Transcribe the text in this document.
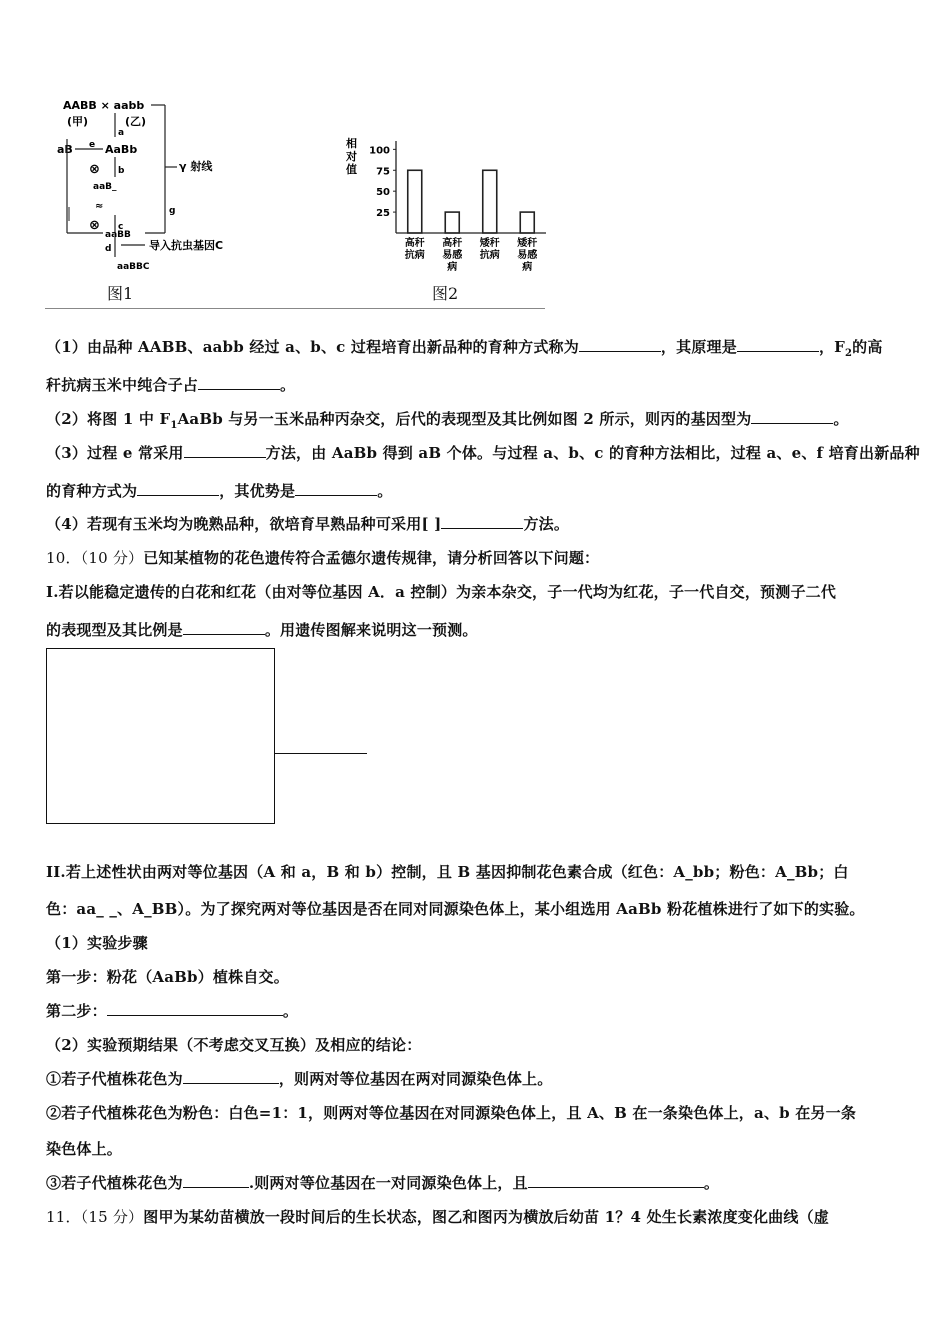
AABB × aabb
(甲)	(乙)
a
e
aB	AaBb
⊗ b
aaB_
≈
⊗ c
aaBB
g
γ 射线
d	导入抗虫基因C
aaBBC
相
对
值
25
50
75
100
高秆
抗病
高秆
易感
病
矮秆
抗病
矮秆
易感
病
图1	图2
（1）由品种 AABB、aabb 经过 a、b、c 过程培育出新品种的育种方式称为	，其原理是	，$F_2$的高
秆抗病玉米中纯合子占	。
（2）将图 1 中 $F_1AaBb$ 与另一玉米品种丙杂交，后代的表现型及其比例如图 2 所示，则丙的基因型为	。
（3）过程 e 常采用	方法，由 AaBb 得到 aB 个体。与过程 a、b、c 的育种方法相比，过程 a、e、f 培育出新品种
的育种方式为	，其优势是	。
（4）若现有玉米均为晚熟品种，欲培育早熟品种可采用[ ]	方法。
10．（10 分）已知某植物的花色遗传符合孟德尔遗传规律，请分析回答以下问题：
I.若以能稳定遗传的白花和红花（由对等位基因 A．a 控制）为亲本杂交，子一代均为红花，子一代自交，预测子二代
的表现型及其比例是	。用遗传图解来说明这一预测。
II.若上述性状由两对等位基因（A 和 a，B 和 b）控制，且 B 基因抑制花色素合成（红色：A_bb；粉色：A_Bb；白
色：aa_ _、A_BB）。为了探究两对等位基因是否在同对同源染色体上，某小组选用 AaBb 粉花植株进行了如下的实验。
（1）实验步骤
第一步：粉花（AaBb）植株自交。
第二步：	。
（2）实验预期结果（不考虑交叉互换）及相应的结论：
①若子代植株花色为	，则两对等位基因在两对同源染色体上。
②若子代植株花色为粉色：白色=1：1，则两对等位基因在对同源染色体上，且 A、B 在一条染色体上，a、b 在另一条
染色体上。
③若子代植株花色为	.则两对等位基因在一对同源染色体上，且	。
11．（15 分）图甲为某幼苗横放一段时间后的生长状态，图乙和图丙为横放后幼苗 1？4 处生长素浓度变化曲线（虚
